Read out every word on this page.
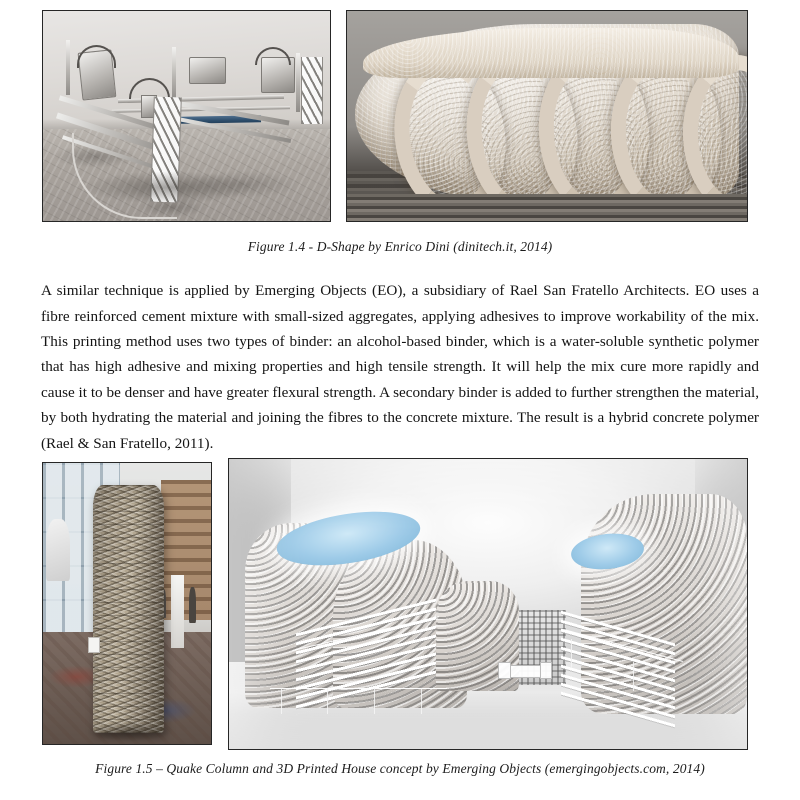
Figure 1.4 - D-Shape by Enrico Dini (dinitech.it, 2014)

A similar technique is applied by Emerging Objects (EO), a subsidiary of Rael San Fratello Architects. EO uses a fibre reinforced cement mixture with small-sized aggregates, applying adhesives to improve workability of the mix. This printing method uses two types of binder: an alcohol-based binder, which is a water-soluble synthetic polymer that has high adhesive and mixing properties and high tensile strength. It will help the mix cure more rapidly and cause it to be denser and have greater flexural strength. A secondary binder is added to further strengthen the material, by both hydrating the material and joining the fibres to the concrete mixture. The result is a hybrid concrete polymer (Rael & San Fratello, 2011).

Figure 1.5 – Quake Column and 3D Printed House concept by Emerging Objects (emergingobjects.com, 2014)
